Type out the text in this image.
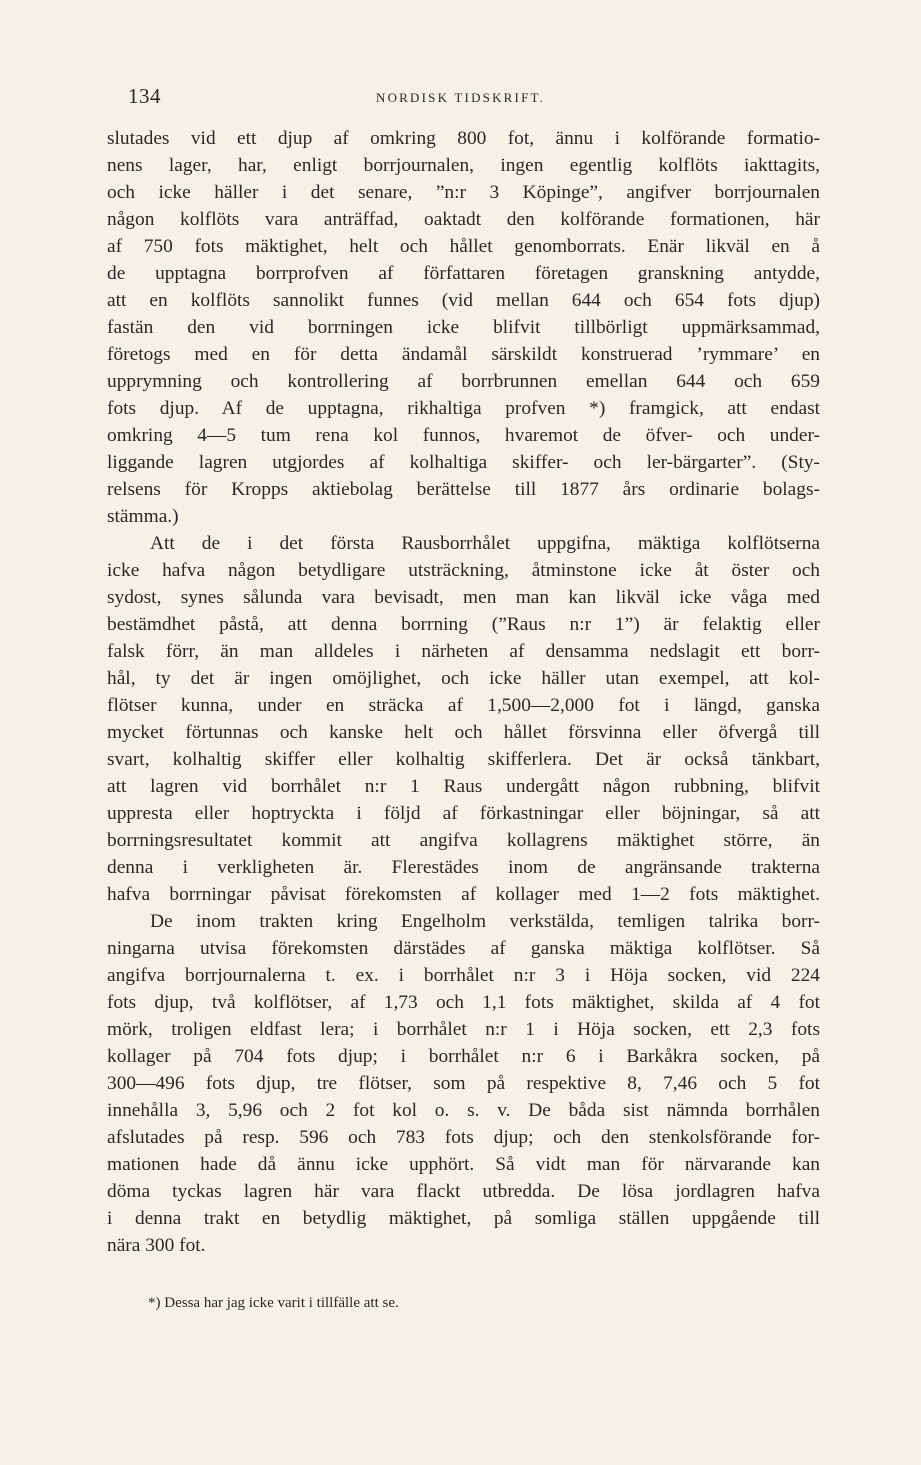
134	NORDISK TIDSKRIFT.
slutades vid ett djup af omkring 800 fot, ännu i kolförande formatio-
nens lager, har, enligt borrjournalen, ingen egentlig kolflöts iakttagits,
och icke häller i det senare, ”n:r 3 Köpinge”, angifver borrjournalen
någon kolflöts vara anträffad, oaktadt den kolförande formationen, här
af 750 fots mäktighet, helt och hållet genomborrats. Enär likväl en å
de upptagna borrprofven af författaren företagen granskning antydde,
att en kolflöts sannolikt funnes (vid mellan 644 och 654 fots djup)
fastän den vid borrningen icke blifvit tillbörligt uppmärksammad,
företogs med en för detta ändamål särskildt konstruerad ’rymmare’ en
upprymning och kontrollering af borrbrunnen emellan 644 och 659
fots djup. Af de upptagna, rikhaltiga profven *) framgick, att endast
omkring 4—5 tum rena kol funnos, hvaremot de öfver- och under-
liggande lagren utgjordes af kolhaltiga skiffer- och ler-bärgarter”. (Sty-
relsens för Kropps aktiebolag berättelse till 1877 års ordinarie bolags-
stämma.)
Att de i det första Rausborrhålet uppgifna, mäktiga kolflötserna
icke hafva någon betydligare utsträckning, åtminstone icke åt öster och
sydost, synes sålunda vara bevisadt, men man kan likväl icke våga med
bestämdhet påstå, att denna borrning (”Raus n:r 1”) är felaktig eller
falsk förr, än man alldeles i närheten af densamma nedslagit ett borr-
hål, ty det är ingen omöjlighet, och icke häller utan exempel, att kol-
flötser kunna, under en sträcka af 1,500—2,000 fot i längd, ganska
mycket förtunnas och kanske helt och hållet försvinna eller öfvergå till
svart, kolhaltig skiffer eller kolhaltig skifferlera. Det är också tänkbart,
att lagren vid borrhålet n:r 1 Raus undergått någon rubbning, blifvit
uppresta eller hoptryckta i följd af förkastningar eller böjningar, så att
borrningsresultatet kommit att angifva kollagrens mäktighet större, än
denna i verkligheten är. Flerestädes inom de angränsande trakterna
hafva borrningar påvisat förekomsten af kollager med 1—2 fots mäktighet.
De inom trakten kring Engelholm verkstälda, temligen talrika borr-
ningarna utvisa förekomsten därstädes af ganska mäktiga kolflötser. Så
angifva borrjournalerna t. ex. i borrhålet n:r 3 i Höja socken, vid 224
fots djup, två kolflötser, af 1,73 och 1,1 fots mäktighet, skilda af 4 fot
mörk, troligen eldfast lera; i borrhålet n:r 1 i Höja socken, ett 2,3 fots
kollager på 704 fots djup; i borrhålet n:r 6 i Barkåkra socken, på
300—496 fots djup, tre flötser, som på respektive 8, 7,46 och 5 fot
innehålla 3, 5,96 och 2 fot kol o. s. v. De båda sist nämnda borrhålen
afslutades på resp. 596 och 783 fots djup; och den stenkolsförande for-
mationen hade då ännu icke upphört. Så vidt man för närvarande kan
döma tyckas lagren här vara flackt utbredda. De lösa jordlagren hafva
i denna trakt en betydlig mäktighet, på somliga ställen uppgående till
nära 300 fot.
*) Dessa har jag icke varit i tillfälle att se.
